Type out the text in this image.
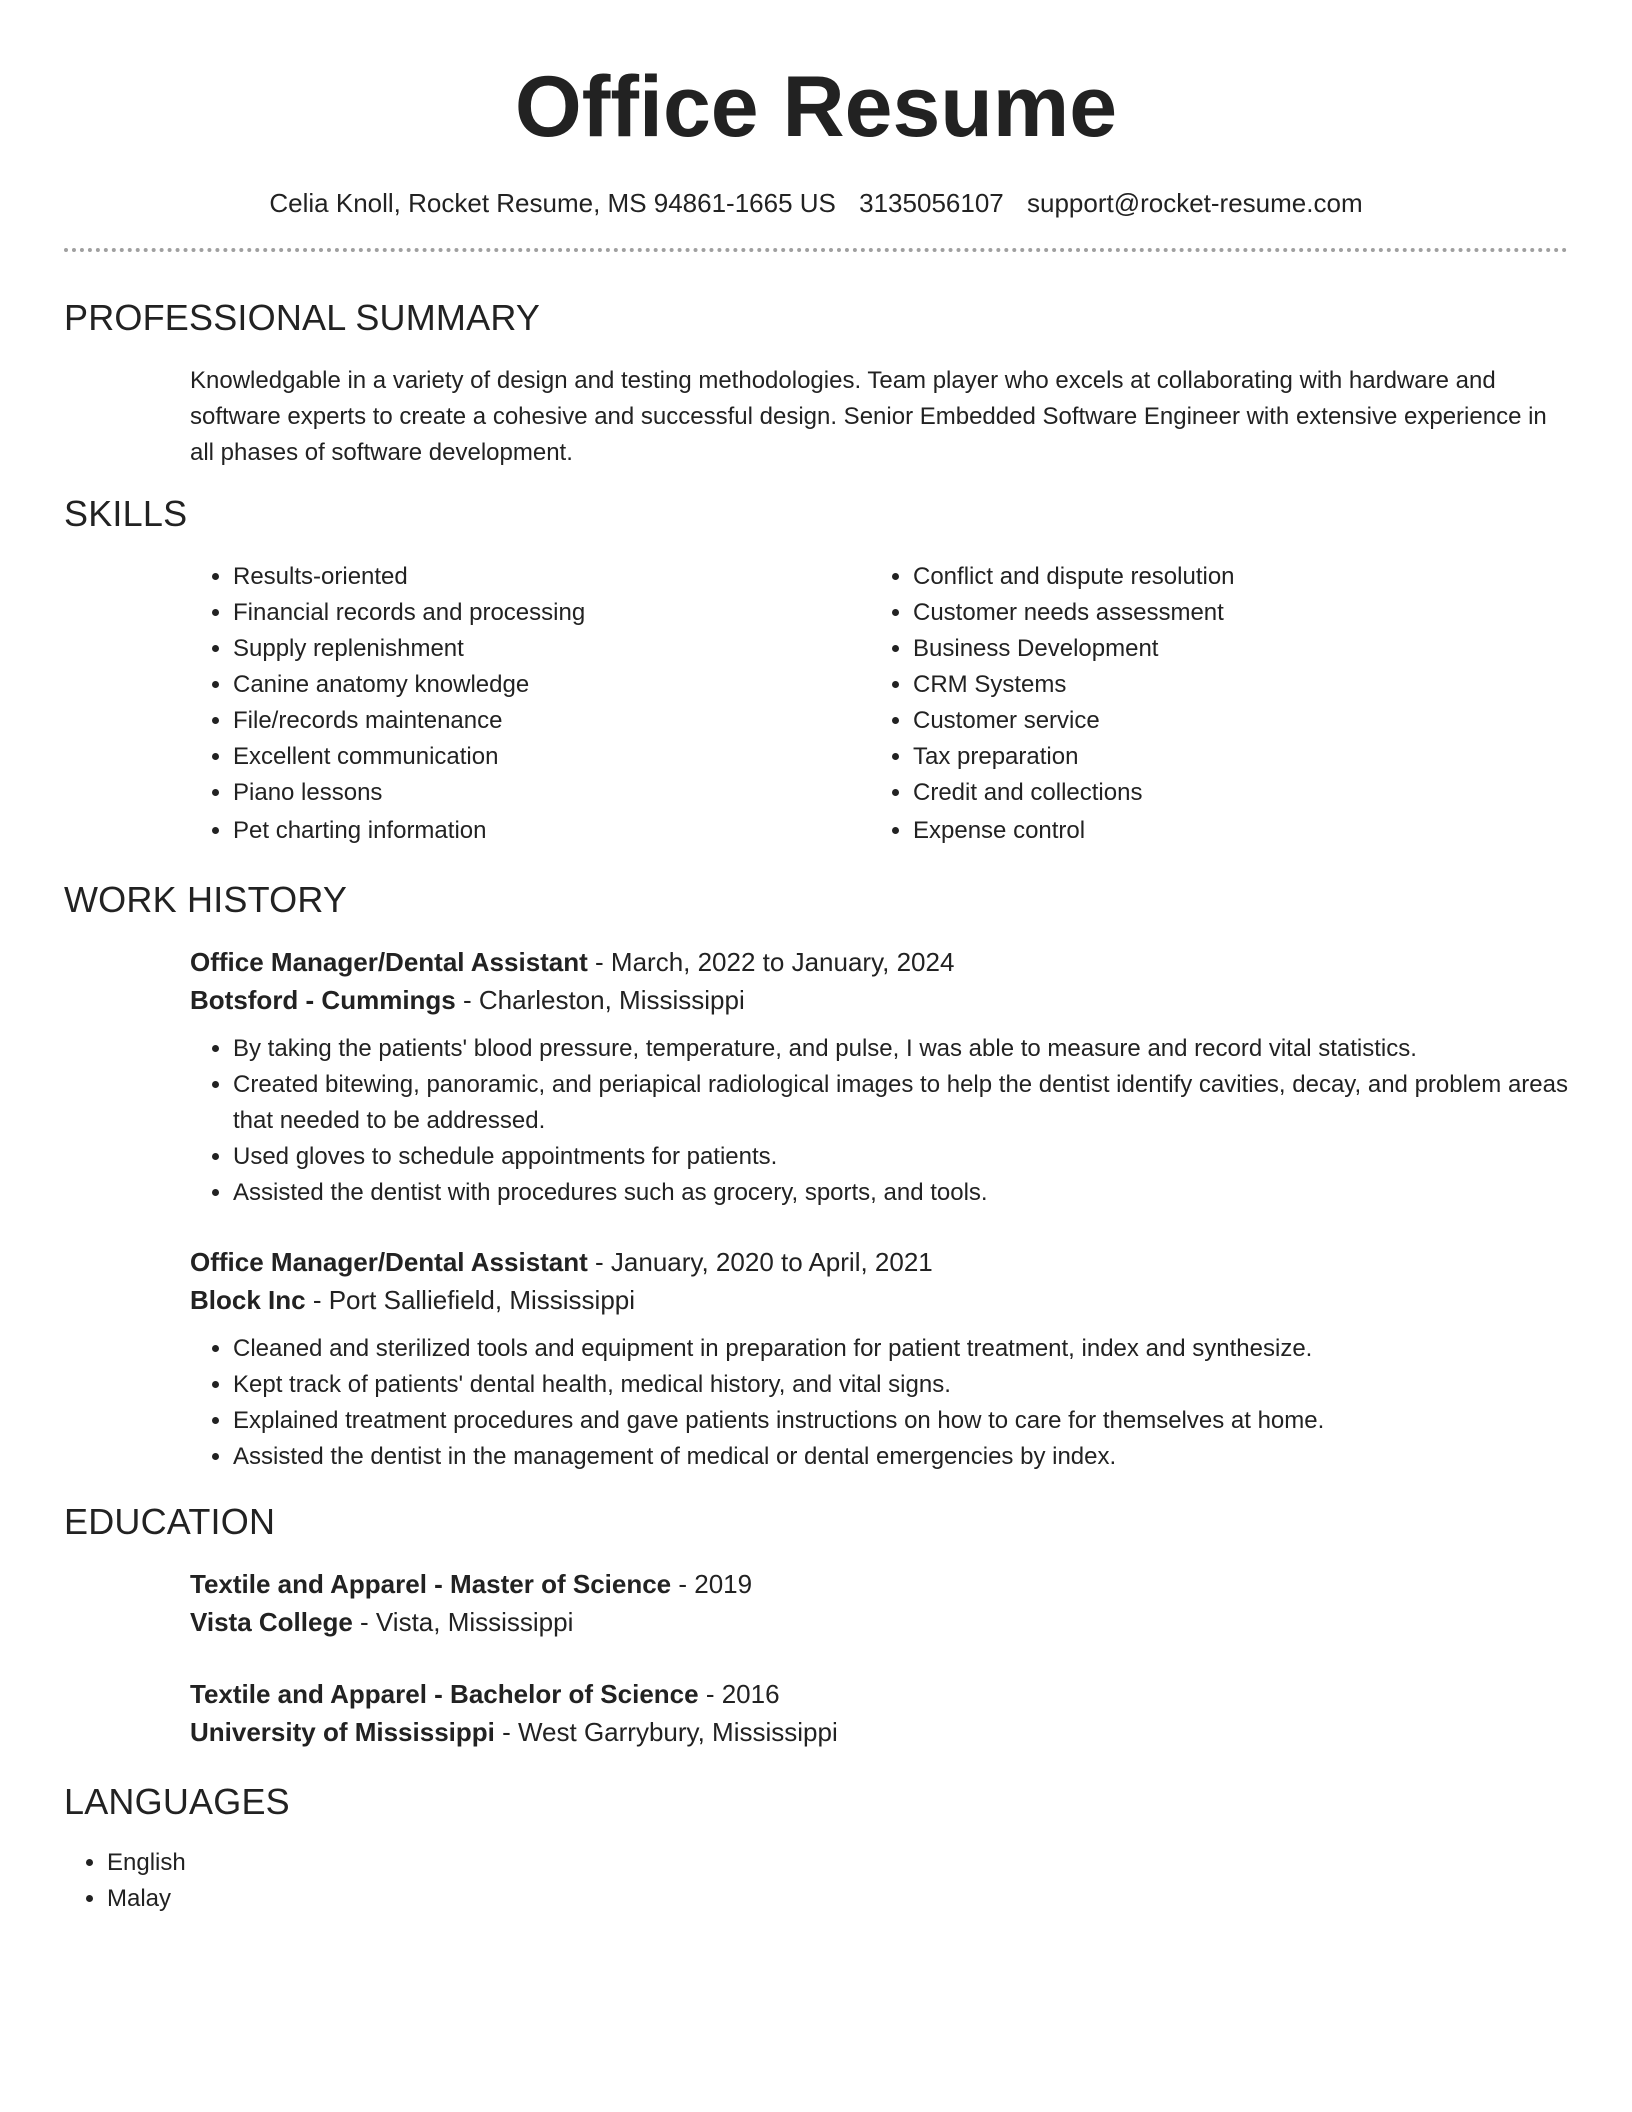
Office Resume
Celia Knoll, Rocket Resume, MS 94861-1665 US 3135056107 support@rocket-resume.com
PROFESSIONAL SUMMARY
Knowledgable in a variety of design and testing methodologies. Team player who excels at collaborating with hardware and software experts to create a cohesive and successful design. Senior Embedded Software Engineer with extensive experience in all phases of software development.
SKILLS
• Results-oriented
• Financial records and processing
• Supply replenishment
• Canine anatomy knowledge
• File/records maintenance
• Excellent communication
• Piano lessons
• Pet charting information
• Conflict and dispute resolution
• Customer needs assessment
• Business Development
• CRM Systems
• Customer service
• Tax preparation
• Credit and collections
• Expense control
WORK HISTORY
Office Manager/Dental Assistant - March, 2022 to January, 2024
Botsford - Cummings - Charleston, Mississippi
• By taking the patients' blood pressure, temperature, and pulse, I was able to measure and record vital statistics.
• Created bitewing, panoramic, and periapical radiological images to help the dentist identify cavities, decay, and problem areas that needed to be addressed.
• Used gloves to schedule appointments for patients.
• Assisted the dentist with procedures such as grocery, sports, and tools.
Office Manager/Dental Assistant - January, 2020 to April, 2021
Block Inc - Port Salliefield, Mississippi
• Cleaned and sterilized tools and equipment in preparation for patient treatment, index and synthesize.
• Kept track of patients' dental health, medical history, and vital signs.
• Explained treatment procedures and gave patients instructions on how to care for themselves at home.
• Assisted the dentist in the management of medical or dental emergencies by index.
EDUCATION
Textile and Apparel - Master of Science - 2019
Vista College - Vista, Mississippi
Textile and Apparel - Bachelor of Science - 2016
University of Mississippi - West Garrybury, Mississippi
LANGUAGES
• English
• Malay
